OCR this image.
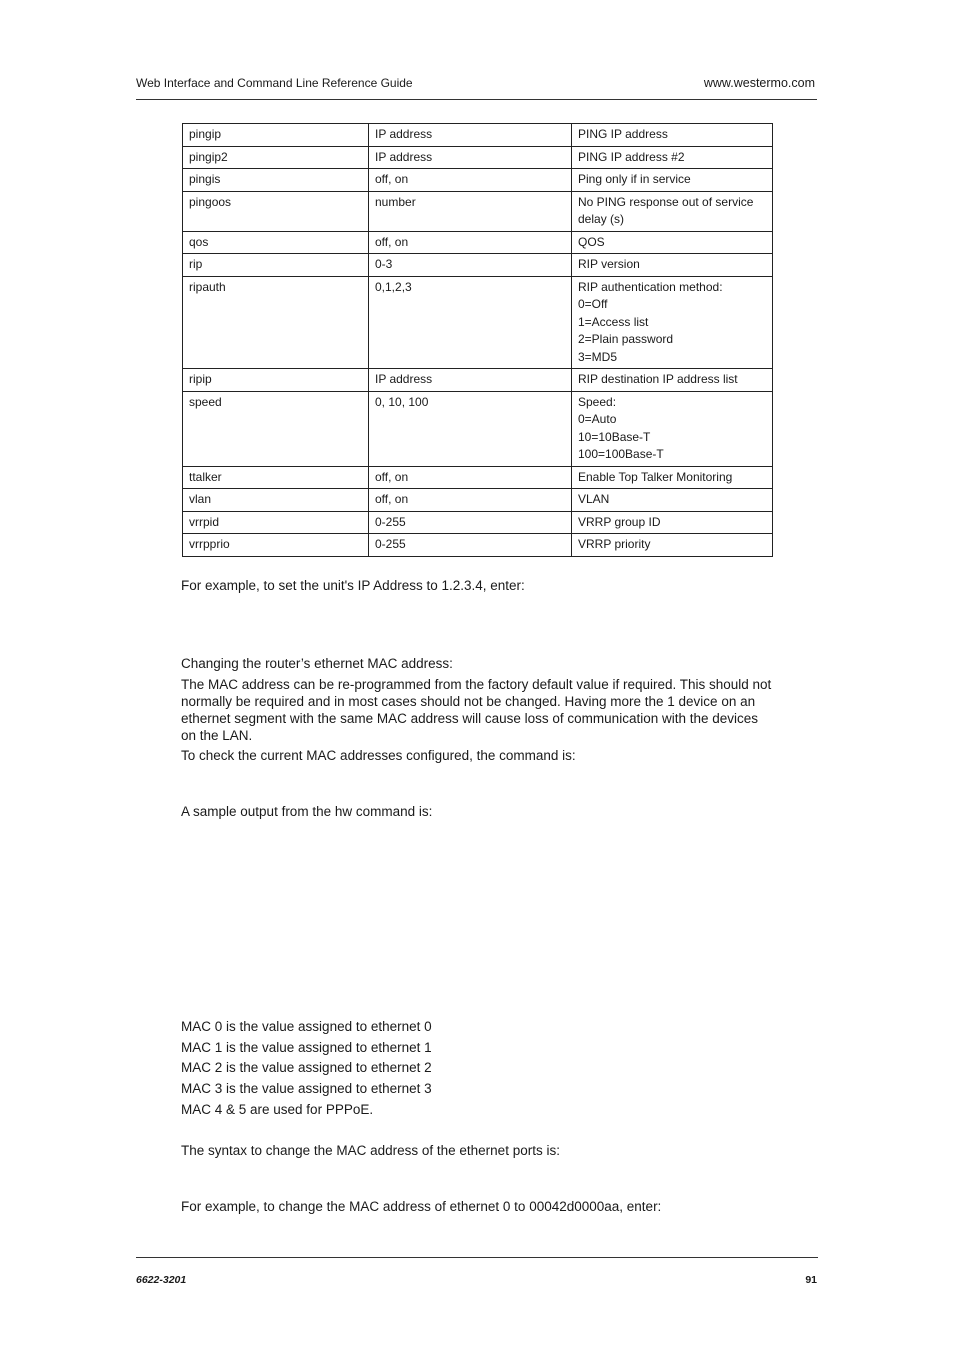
Web Interface and Command Line Reference Guide	www.westermo.com
pingip	IP address	PING IP address
pingip2	IP address	PING IP address #2
pingis	off, on	Ping only if in service
pingoos	number	No PING response out of service delay (s)
qos	off, on	QOS
rip	0-3	RIP version
ripauth	0,1,2,3	RIP authentication method:
0=Off
1=Access list
2=Plain password
3=MD5
ripip	IP address	RIP destination IP address list
speed	0, 10, 100	Speed:
0=Auto
10=10Base-T
100=100Base-T
ttalker	off, on	Enable Top Talker Monitoring
vlan	off, on	VLAN
vrrpid	0-255	VRRP group ID
vrrpprio	0-255	VRRP priority
For example, to set the unit's IP Address to 1.2.3.4, enter:
Changing the router’s ethernet MAC address:
The MAC address can be re-programmed from the factory default value if required. This should not normally be required and in most cases should not be changed. Having more the 1 device on an ethernet segment with the same MAC address will cause loss of communication with the devices on the LAN.
To check the current MAC addresses configured, the command is:
A sample output from the hw command is:
MAC 0 is the value assigned to ethernet 0
MAC 1 is the value assigned to ethernet 1
MAC 2 is the value assigned to ethernet 2
MAC 3 is the value assigned to ethernet 3
MAC 4 & 5 are used for PPPoE.
The syntax to change the MAC address of the ethernet ports is:
For example, to change the MAC address of ethernet 0 to 00042d0000aa, enter:
6622-3201	91
